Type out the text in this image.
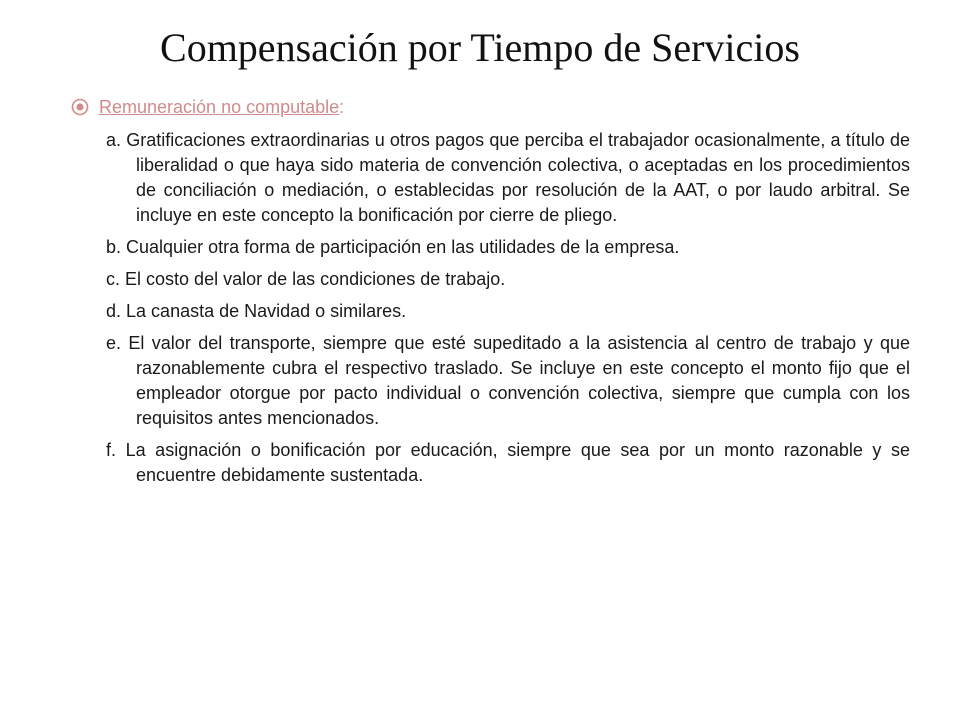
Compensación por Tiempo de Servicios
Remuneración no computable :

a. Gratificaciones extraordinarias u otros pagos que perciba el trabajador ocasionalmente, a título de liberalidad o que haya sido materia de convención colectiva, o aceptadas en los procedimientos de conciliación o mediación, o establecidas por resolución de la AAT, o por laudo arbitral. Se incluye en este concepto la bonificación por cierre de pliego.

b. Cualquier otra forma de participación en las utilidades de la empresa.

c. El costo del valor de las condiciones de trabajo.

d. La canasta de Navidad o similares.

e. El valor del transporte, siempre que esté supeditado a la asistencia al centro de trabajo y que razonablemente cubra el respectivo traslado. Se incluye en este concepto el monto fijo que el empleador otorgue por pacto individual o convención colectiva, siempre que cumpla con los requisitos antes mencionados.

f. La asignación o bonificación por educación, siempre que sea por un monto razonable y se encuentre debidamente sustentada.
